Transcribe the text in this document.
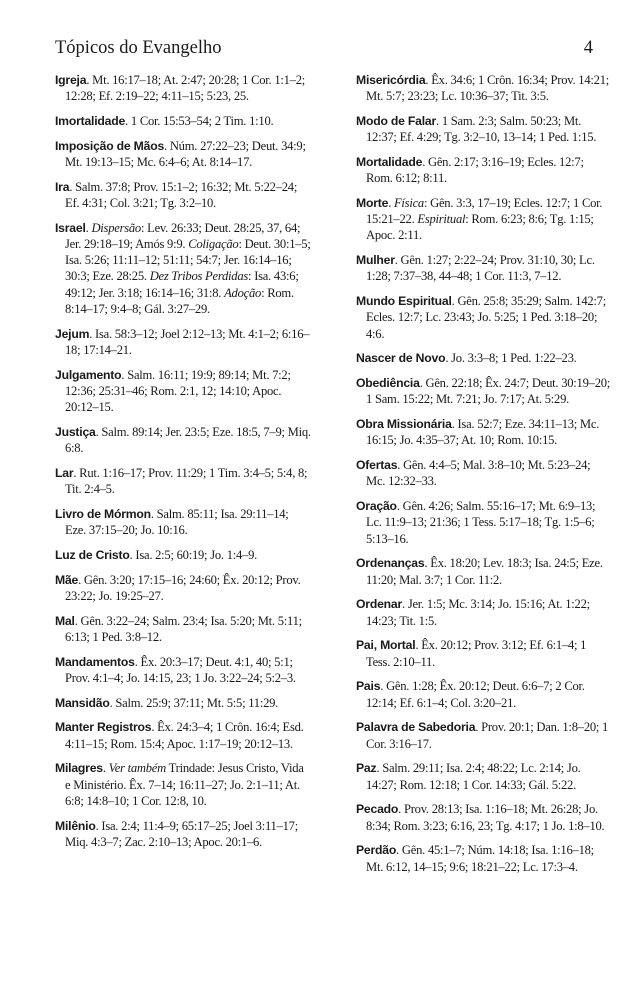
Tópicos do Evangelho	4

Igreja. Mt. 16:17–18; At. 2:47; 20:28; 1 Cor. 1:1–2; 12:28; Ef. 2:19–22; 4:11–15; 5:23, 25.

Imortalidade. 1 Cor. 15:53–54; 2 Tim. 1:10.

Imposição de Mãos. Núm. 27:22–23; Deut. 34:9; Mt. 19:13–15; Mc. 6:4–6; At. 8:14–17.

Ira. Salm. 37:8; Prov. 15:1–2; 16:32; Mt. 5:22–24; Ef. 4:31; Col. 3:21; Tg. 3:2–10.

Israel. Dispersão: Lev. 26:33; Deut. 28:25, 37, 64; Jer. 29:18–19; Amós 9:9. Coligação: Deut. 30:1–5; Isa. 5:26; 11:11–12; 51:11; 54:7; Jer. 16:14–16; 30:3; Eze. 28:25. Dez Tribos Perdidas: Isa. 43:6; 49:12; Jer. 3:18; 16:14–16; 31:8. Adoção: Rom. 8:14–17; 9:4–8; Gál. 3:27–29.

Jejum. Isa. 58:3–12; Joel 2:12–13; Mt. 4:1–2; 6:16–18; 17:14–21.

Julgamento. Salm. 16:11; 19:9; 89:14; Mt. 7:2; 12:36; 25:31–46; Rom. 2:1, 12; 14:10; Apoc. 20:12–15.

Justiça. Salm. 89:14; Jer. 23:5; Eze. 18:5, 7–9; Miq. 6:8.

Lar. Rut. 1:16–17; Prov. 11:29; 1 Tim. 3:4–5; 5:4, 8; Tit. 2:4–5.

Livro de Mórmon. Salm. 85:11; Isa. 29:11–14; Eze. 37:15–20; Jo. 10:16.

Luz de Cristo. Isa. 2:5; 60:19; Jo. 1:4–9.

Mãe. Gên. 3:20; 17:15–16; 24:60; Êx. 20:12; Prov. 23:22; Jo. 19:25–27.

Mal. Gên. 3:22–24; Salm. 23:4; Isa. 5:20; Mt. 5:11; 6:13; 1 Ped. 3:8–12.

Mandamentos. Êx. 20:3–17; Deut. 4:1, 40; 5:1; Prov. 4:1–4; Jo. 14:15, 23; 1 Jo. 3:22–24; 5:2–3.

Mansidão. Salm. 25:9; 37:11; Mt. 5:5; 11:29.

Manter Registros. Êx. 24:3–4; 1 Crôn. 16:4; Esd. 4:11–15; Rom. 15:4; Apoc. 1:17–19; 20:12–13.

Milagres. Ver também Trindade: Jesus Cristo, Vida e Ministério. Êx. 7–14; 16:11–27; Jo. 2:1–11; At. 6:8; 14:8–10; 1 Cor. 12:8, 10.

Milênio. Isa. 2:4; 11:4–9; 65:17–25; Joel 3:11–17; Miq. 4:3–7; Zac. 2:10–13; Apoc. 20:1–6.

Misericórdia. Êx. 34:6; 1 Crôn. 16:34; Prov. 14:21; Mt. 5:7; 23:23; Lc. 10:36–37; Tit. 3:5.

Modo de Falar. 1 Sam. 2:3; Salm. 50:23; Mt. 12:37; Ef. 4:29; Tg. 3:2–10, 13–14; 1 Ped. 1:15.

Mortalidade. Gên. 2:17; 3:16–19; Ecles. 12:7; Rom. 6:12; 8:11.

Morte. Física: Gên. 3:3, 17–19; Ecles. 12:7; 1 Cor. 15:21–22. Espiritual: Rom. 6:23; 8:6; Tg. 1:15; Apoc. 2:11.

Mulher. Gên. 1:27; 2:22–24; Prov. 31:10, 30; Lc. 1:28; 7:37–38, 44–48; 1 Cor. 11:3, 7–12.

Mundo Espiritual. Gên. 25:8; 35:29; Salm. 142:7; Ecles. 12:7; Lc. 23:43; Jo. 5:25; 1 Ped. 3:18–20; 4:6.

Nascer de Novo. Jo. 3:3–8; 1 Ped. 1:22–23.

Obediência. Gên. 22:18; Êx. 24:7; Deut. 30:19–20; 1 Sam. 15:22; Mt. 7:21; Jo. 7:17; At. 5:29.

Obra Missionária. Isa. 52:7; Eze. 34:11–13; Mc. 16:15; Jo. 4:35–37; At. 10; Rom. 10:15.

Ofertas. Gên. 4:4–5; Mal. 3:8–10; Mt. 5:23–24; Mc. 12:32–33.

Oração. Gên. 4:26; Salm. 55:16–17; Mt. 6:9–13; Lc. 11:9–13; 21:36; 1 Tess. 5:17–18; Tg. 1:5–6; 5:13–16.

Ordenanças. Êx. 18:20; Lev. 18:3; Isa. 24:5; Eze. 11:20; Mal. 3:7; 1 Cor. 11:2.

Ordenar. Jer. 1:5; Mc. 3:14; Jo. 15:16; At. 1:22; 14:23; Tit. 1:5.

Pai, Mortal. Êx. 20:12; Prov. 3:12; Ef. 6:1–4; 1 Tess. 2:10–11.

Pais. Gên. 1:28; Êx. 20:12; Deut. 6:6–7; 2 Cor. 12:14; Ef. 6:1–4; Col. 3:20–21.

Palavra de Sabedoria. Prov. 20:1; Dan. 1:8–20; 1 Cor. 3:16–17.

Paz. Salm. 29:11; Isa. 2:4; 48:22; Lc. 2:14; Jo. 14:27; Rom. 12:18; 1 Cor. 14:33; Gál. 5:22.

Pecado. Prov. 28:13; Isa. 1:16–18; Mt. 26:28; Jo. 8:34; Rom. 3:23; 6:16, 23; Tg. 4:17; 1 Jo. 1:8–10.

Perdão. Gên. 45:1–7; Núm. 14:18; Isa. 1:16–18; Mt. 6:12, 14–15; 9:6; 18:21–22; Lc. 17:3–4.
